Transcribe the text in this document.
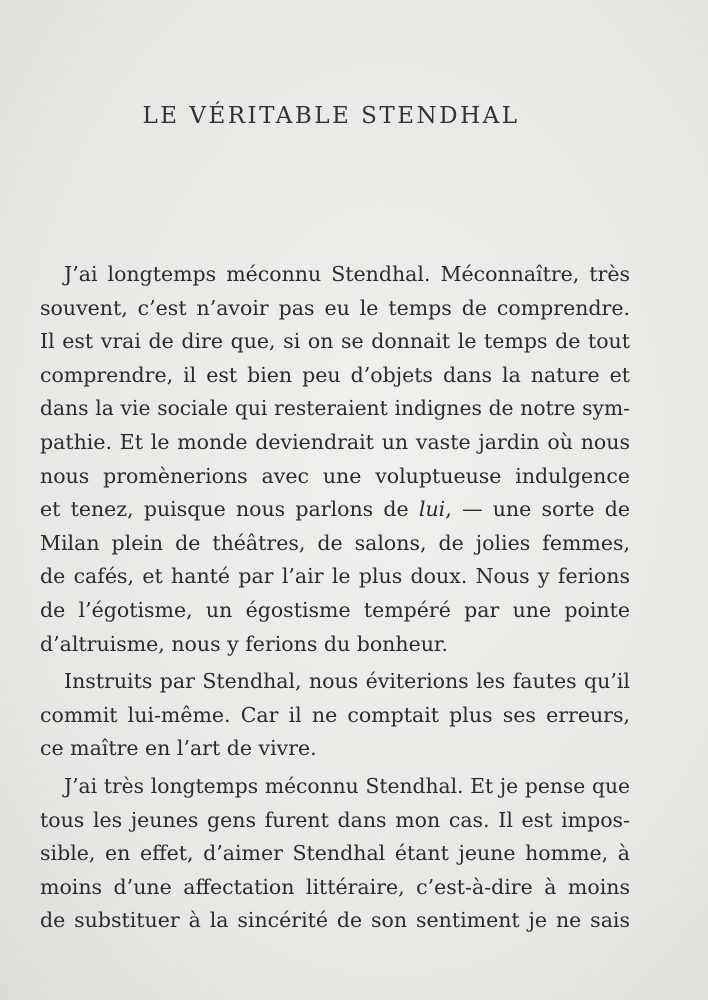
LE VÉRITABLE STENDHAL
J’ai longtemps méconnu Stendhal. Méconnaître, très
souvent, c’est n’avoir pas eu le temps de comprendre.
Il est vrai de dire que, si on se donnait le temps de tout
comprendre, il est bien peu d’objets dans la nature et
dans la vie sociale qui resteraient indignes de notre sym-
pathie. Et le monde deviendrait un vaste jardin où nous
nous promènerions avec une voluptueuse indulgence
et tenez, puisque nous parlons de lui, — une sorte de
Milan plein de théâtres, de salons, de jolies femmes,
de cafés, et hanté par l’air le plus doux. Nous y ferions
de l’égotisme, un égostisme tempéré par une pointe
d’altruisme, nous y ferions du bonheur.
Instruits par Stendhal, nous éviterions les fautes qu’il
commit lui-même. Car il ne comptait plus ses erreurs,
ce maître en l’art de vivre.
J’ai très longtemps méconnu Stendhal. Et je pense que
tous les jeunes gens furent dans mon cas. Il est impos-
sible, en effet, d’aimer Stendhal étant jeune homme, à
moins d’une affectation littéraire, c’est-à-dire à moins
de substituer à la sincérité de son sentiment je ne sais
